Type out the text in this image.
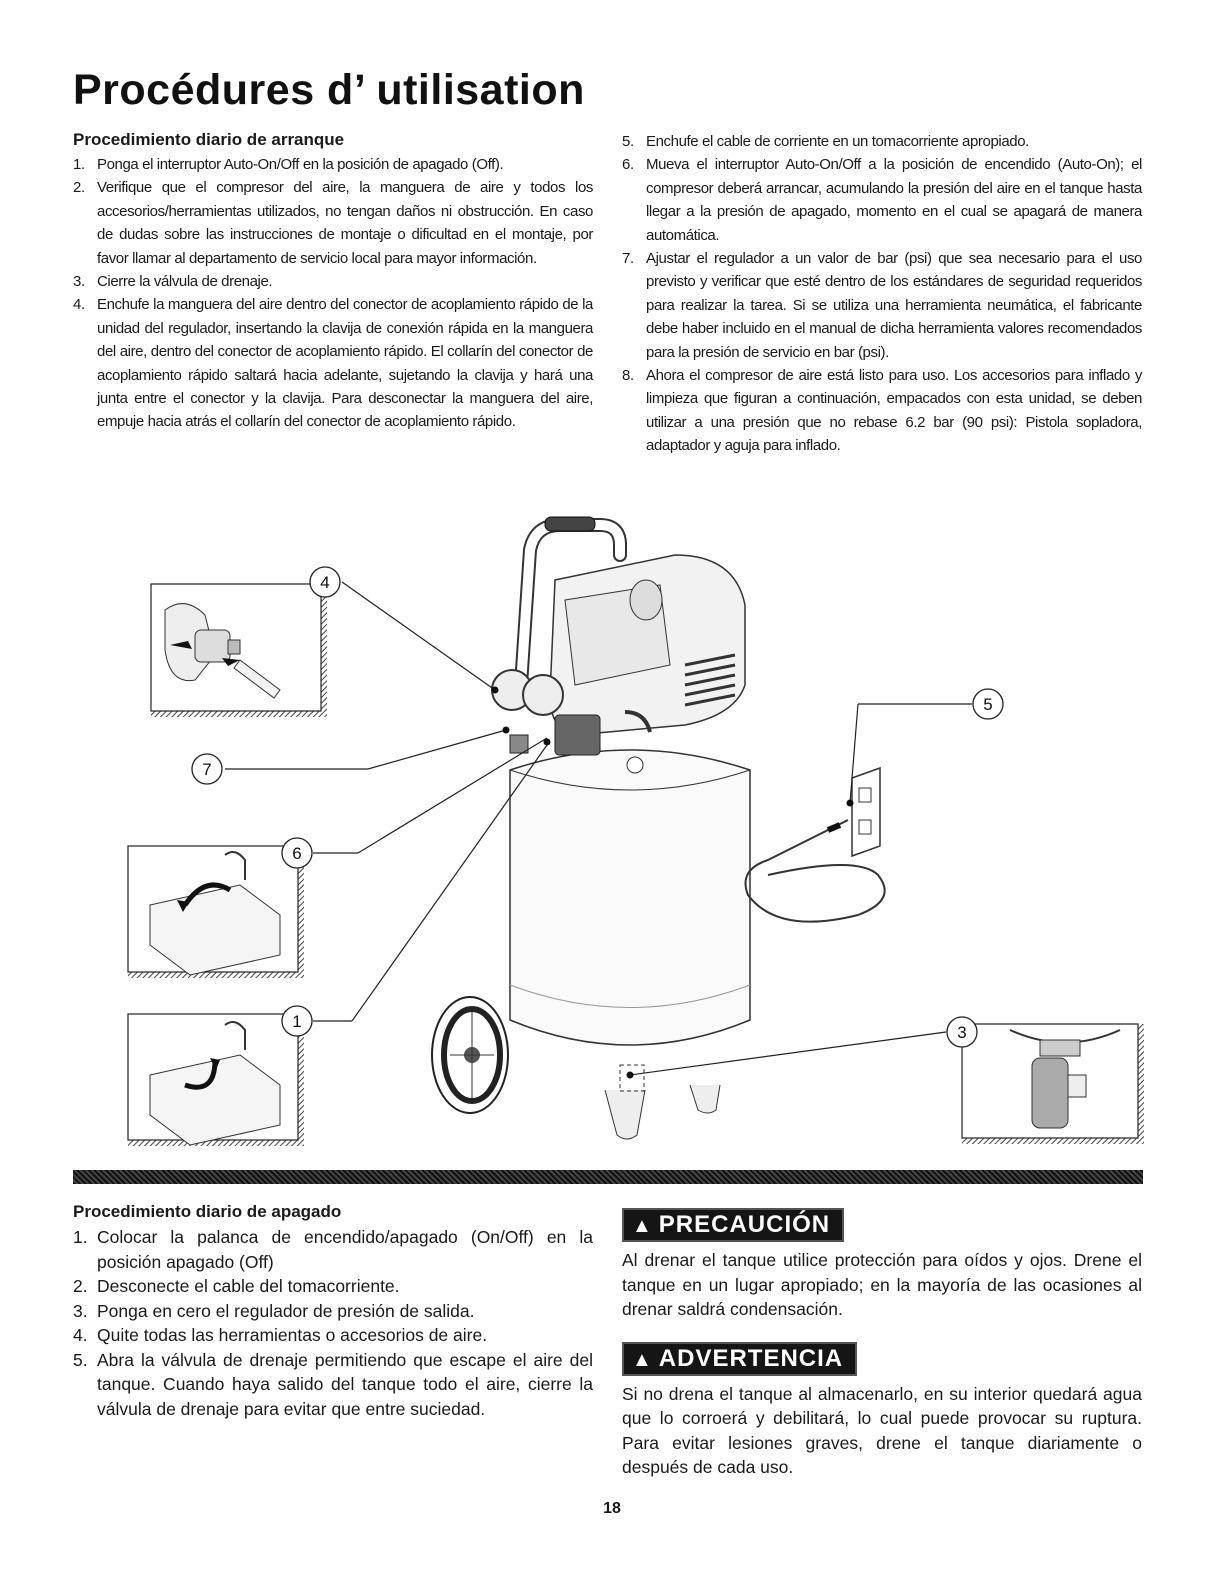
Procédures d’ utilisation
Procedimiento diario de arranque
1. Ponga el interruptor Auto-On/Off en la posición de apagado (Off).
2. Verifique que el compresor del aire, la manguera de aire y todos los accesorios/herramientas utilizados, no tengan daños ni obstrucción. En caso de dudas sobre las instrucciones de montaje o dificultad en el montaje, por favor llamar al departamento de servicio local para mayor información.
3. Cierre la válvula de drenaje.
4. Enchufe la manguera del aire dentro del conector de acoplamiento rápido de la unidad del regulador, insertando la clavija de conexión rápida en la manguera del aire, dentro del conector de acoplamiento rápido. El collarín del conector de acoplamiento rápido saltará hacia adelante, sujetando la clavija y hará una junta entre el conector y la clavija. Para desconectar la manguera del aire, empuje hacia atrás el collarín del conector de acoplamiento rápido.
5. Enchufe el cable de corriente en un tomacorriente apropiado.
6. Mueva el interruptor Auto-On/Off a la posición de encendido (Auto-On); el compresor deberá arrancar, acumulando la presión del aire en el tanque hasta llegar a la presión de apagado, momento en el cual se apagará de manera automática.
7. Ajustar el regulador a un valor de bar (psi) que sea necesario para el uso previsto y verificar que esté dentro de los estándares de seguridad requeridos para realizar la tarea. Si se utiliza una herramienta neumática, el fabricante debe haber incluido en el manual de dicha herramienta valores recomendados para la presión de servicio en bar (psi).
8. Ahora el compresor de aire está listo para uso. Los accesorios para inflado y limpieza que figuran a continuación, empacados con esta unidad, se deben utilizar a una presión que no rebase 6.2 bar (90 psi): Pistola sopladora, adaptador y aguja para inflado.
4
7
6
1
5
3
Procedimiento diario de apagado
1. Colocar la palanca de encendido/apagado (On/Off) en la posición apagado (Off)
2. Desconecte el cable del tomacorriente.
3. Ponga en cero el regulador de presión de salida.
4. Quite todas las herramientas o accesorios de aire.
5. Abra la válvula de drenaje permitiendo que escape el aire del tanque. Cuando haya salido del tanque todo el aire, cierre la válvula de drenaje para evitar que entre suciedad.
▲ PRECAUCIÓN

Al drenar el tanque utilice protección para oídos y ojos. Drene el tanque en un lugar apropiado; en la mayoría de las ocasiones al drenar saldrá condensación.

▲ ADVERTENCIA

Si no drena el tanque al almacenarlo, en su interior quedará agua que lo corroerá y debilitará, lo cual puede provocar su ruptura. Para evitar lesiones graves, drene el tanque diariamente o después de cada uso.

18
